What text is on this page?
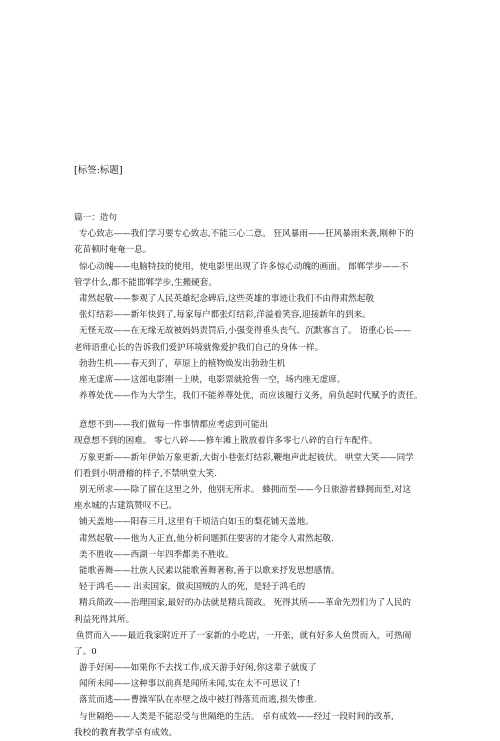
[标签:标题]
篇一：造句
专心致志——我们学习要专心致志,不能三心二意。 狂风暴雨——狂风暴雨来袭,刚种下的
花苗顿时奄奄一息。
惊心动魄——电脑特技的使用，使电影里出现了许多惊心动魄的画面。 郎郸学步——不
管学什么,都不能邯郸学步,生搬硬套。
肃然起敬——参观了人民英雄纪念碑后,这些英雄的事迹让我们不由得肃然起敬
张灯结彩——新年快到了,每家每户都张灯结彩,洋溢着笑容,迎接新年的到来。
无怪无故——在无缘无故被妈妈责罚后,小强变得垂头丧气、沉默寡言了。 语重心长——
老师语重心长的告诉我们爱护环境就像爱护我们自己的身体一样。
勃勃生机——春天到了，草原上的植物焕发出勃勃生机
座无虚席——这部电影刚一上映，电影票就抢售一空，场内座无虚席。
养尊处优——作为大学生，我们不能养尊处优，而应该履行义务，肩负起时代赋予的责任。
意想不到——我们做每一件事情都应考虑到可能出
现意想不到的困难。 零七八碎——修车滩上散放着许多零七八碎的自行车配件。
万象更新——新年伊始万象更新,大街小巷张灯结彩,鞭炮声此起彼伏。 哄堂大笑——同学
们看到小明滑稽的样子,不禁哄堂大笑.
别无所求——除了留在这里之外，他别无所求。 蜂拥而至——今日旅游者蜂拥而至,对这
座水城的古建筑赞叹不已。
铺天盖地——阳春三月,这里有千顷洁白如玉的梨花铺天盖地。
肃然起敬——他为人正直,他分析问题抓住要害的才能令人肃然起敬.
美不胜收——西湖一年四季都美不胜收。
能歌善舞——壮族人民素以能歌善舞著称,善于以歌来抒发思想感情。
轻于鸿毛—— 出卖国家，做卖国贼的人的死，是轻于鸿毛的
精兵简政——治理国家,最好的办法就是精兵简政。 死得其所——革命先烈们为了人民的
利益死得其所。
鱼贯而入——最近我家附近开了一家新的小吃店，一开张，就有好多人鱼贯而入，可热闹
了。0
游手好闲——如果你不去找工作,成天游手好闲,你这辈子就废了
闻所未闻——这种事以前真是闻所未闻,实在太不可思议了!
落荒而逃——曹操军队在赤壁之战中被打得落荒而逃,损失惨重.
与世隔绝——人类是不能忍受与世隔绝的生活。 卓有成效——经过一段时间的改革,
我校的教育教学卓有成效。
